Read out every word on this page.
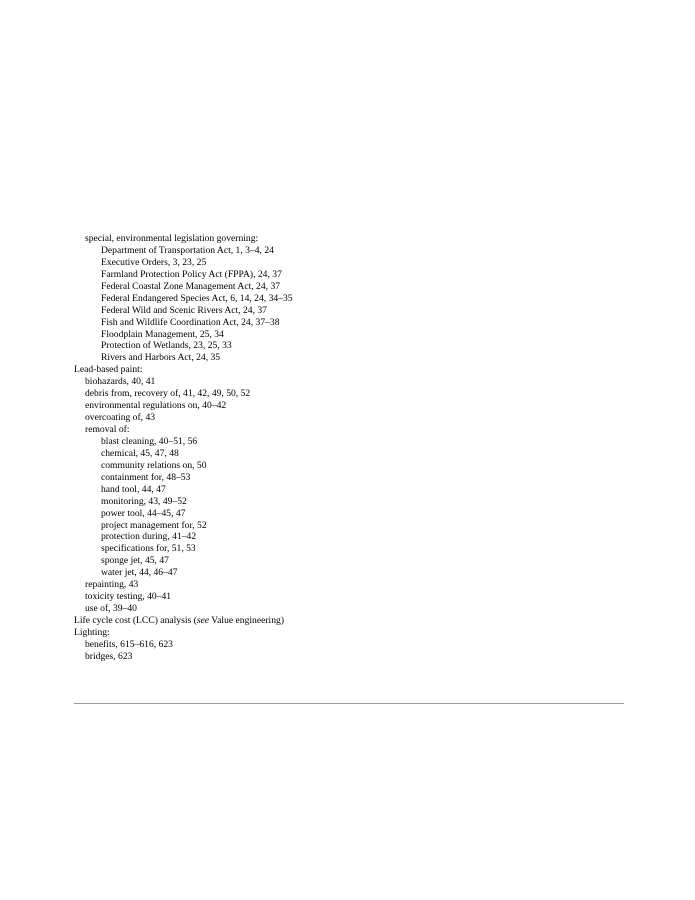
special, environmental legislation governing:
Department of Transportation Act, 1, 3–4, 24
Executive Orders, 3, 23, 25
Farmland Protection Policy Act (FPPA), 24, 37
Federal Coastal Zone Management Act, 24, 37
Federal Endangered Species Act, 6, 14, 24, 34–35
Federal Wild and Scenic Rivers Act, 24, 37
Fish and Wildlife Coordination Act, 24, 37–38
Floodplain Management, 25, 34
Protection of Wetlands, 23, 25, 33
Rivers and Harbors Act, 24, 35
Lead-based paint:
biohazards, 40, 41
debris from, recovery of, 41, 42, 49, 50, 52
environmental regulations on, 40–42
overcoating of, 43
removal of:
blast cleaning, 40–51, 56
chemical, 45, 47, 48
community relations on, 50
containment for, 48–53
hand tool, 44, 47
monitoring, 43, 49–52
power tool, 44–45, 47
project management for, 52
protection during, 41–42
specifications for, 51, 53
sponge jet, 45, 47
water jet, 44, 46–47
repainting, 43
toxicity testing, 40–41
use of, 39–40
Life cycle cost (LCC) analysis (see Value engineering)
Lighting:
benefits, 615–616, 623
bridges, 623
